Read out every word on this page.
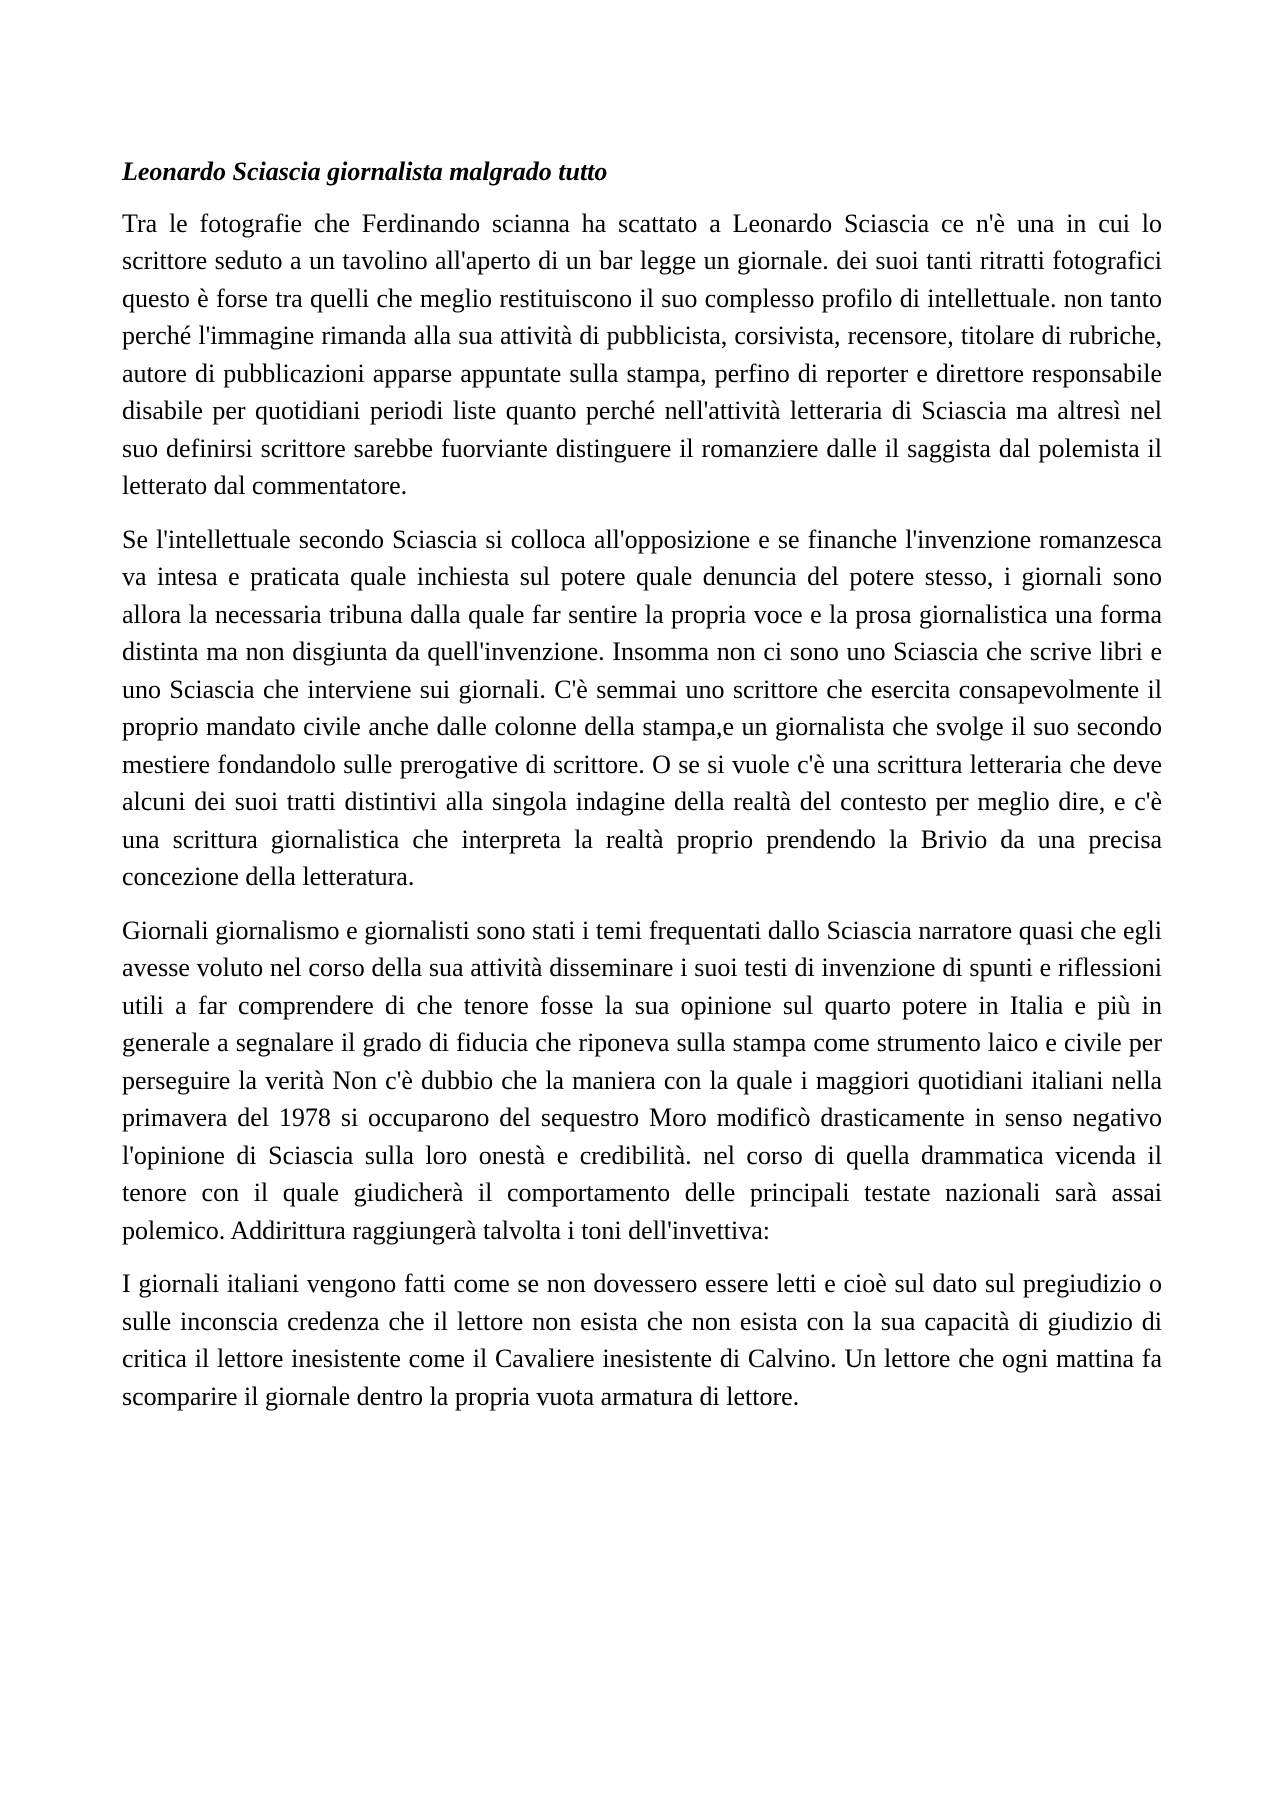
Leonardo Sciascia giornalista malgrado tutto

Tra le fotografie che Ferdinando scianna ha scattato a Leonardo Sciascia ce n'è una in cui lo scrittore seduto a un tavolino all'aperto di un bar legge un giornale. dei suoi tanti ritratti fotografici questo è forse tra quelli che meglio restituiscono il suo complesso profilo di intellettuale. non tanto perché l'immagine rimanda alla sua attività di pubblicista, corsivista, recensore, titolare di rubriche, autore di pubblicazioni apparse appuntate sulla stampa, perfino di reporter e direttore responsabile disabile per quotidiani periodi liste quanto perché nell'attività letteraria di Sciascia ma altresì nel suo definirsi scrittore sarebbe fuorviante distinguere il romanziere dalle il saggista dal polemista il letterato dal commentatore.

Se l'intellettuale secondo Sciascia si colloca all'opposizione e se finanche l'invenzione romanzesca va intesa e praticata quale inchiesta sul potere quale denuncia del potere stesso, i giornali sono allora la necessaria tribuna dalla quale far sentire la propria voce e la prosa giornalistica una forma distinta ma non disgiunta da quell'invenzione. Insomma non ci sono uno Sciascia che scrive libri e uno Sciascia che interviene sui giornali. C'è semmai uno scrittore che esercita consapevolmente il proprio mandato civile anche dalle colonne della stampa,e un giornalista che svolge il suo secondo mestiere fondandolo sulle prerogative di scrittore. O se si vuole c'è una scrittura letteraria che deve alcuni dei suoi tratti distintivi alla singola indagine della realtà del contesto per meglio dire, e c'è una scrittura giornalistica che interpreta la realtà proprio prendendo la Brivio da una precisa concezione della letteratura.

Giornali giornalismo e giornalisti sono stati i temi frequentati dallo Sciascia narratore quasi che egli avesse voluto nel corso della sua attività disseminare i suoi testi di invenzione di spunti e riflessioni utili a far comprendere di che tenore fosse la sua opinione sul quarto potere in Italia e più in generale a segnalare il grado di fiducia che riponeva sulla stampa come strumento laico e civile per perseguire la verità Non c'è dubbio che la maniera con la quale i maggiori quotidiani italiani nella primavera del 1978 si occuparono del sequestro Moro modificò drasticamente in senso negativo l'opinione di Sciascia sulla loro onestà e credibilità. nel corso di quella drammatica vicenda il tenore con il quale giudicherà il comportamento delle principali testate nazionali sarà assai polemico. Addirittura raggiungerà talvolta i toni dell'invettiva:

I giornali italiani vengono fatti come se non dovessero essere letti e cioè sul dato sul pregiudizio o sulle inconscia credenza che il lettore non esista che non esista con la sua capacità di giudizio di critica il lettore inesistente come il Cavaliere inesistente di Calvino. Un lettore che ogni mattina fa scomparire il giornale dentro la propria vuota armatura di lettore.
